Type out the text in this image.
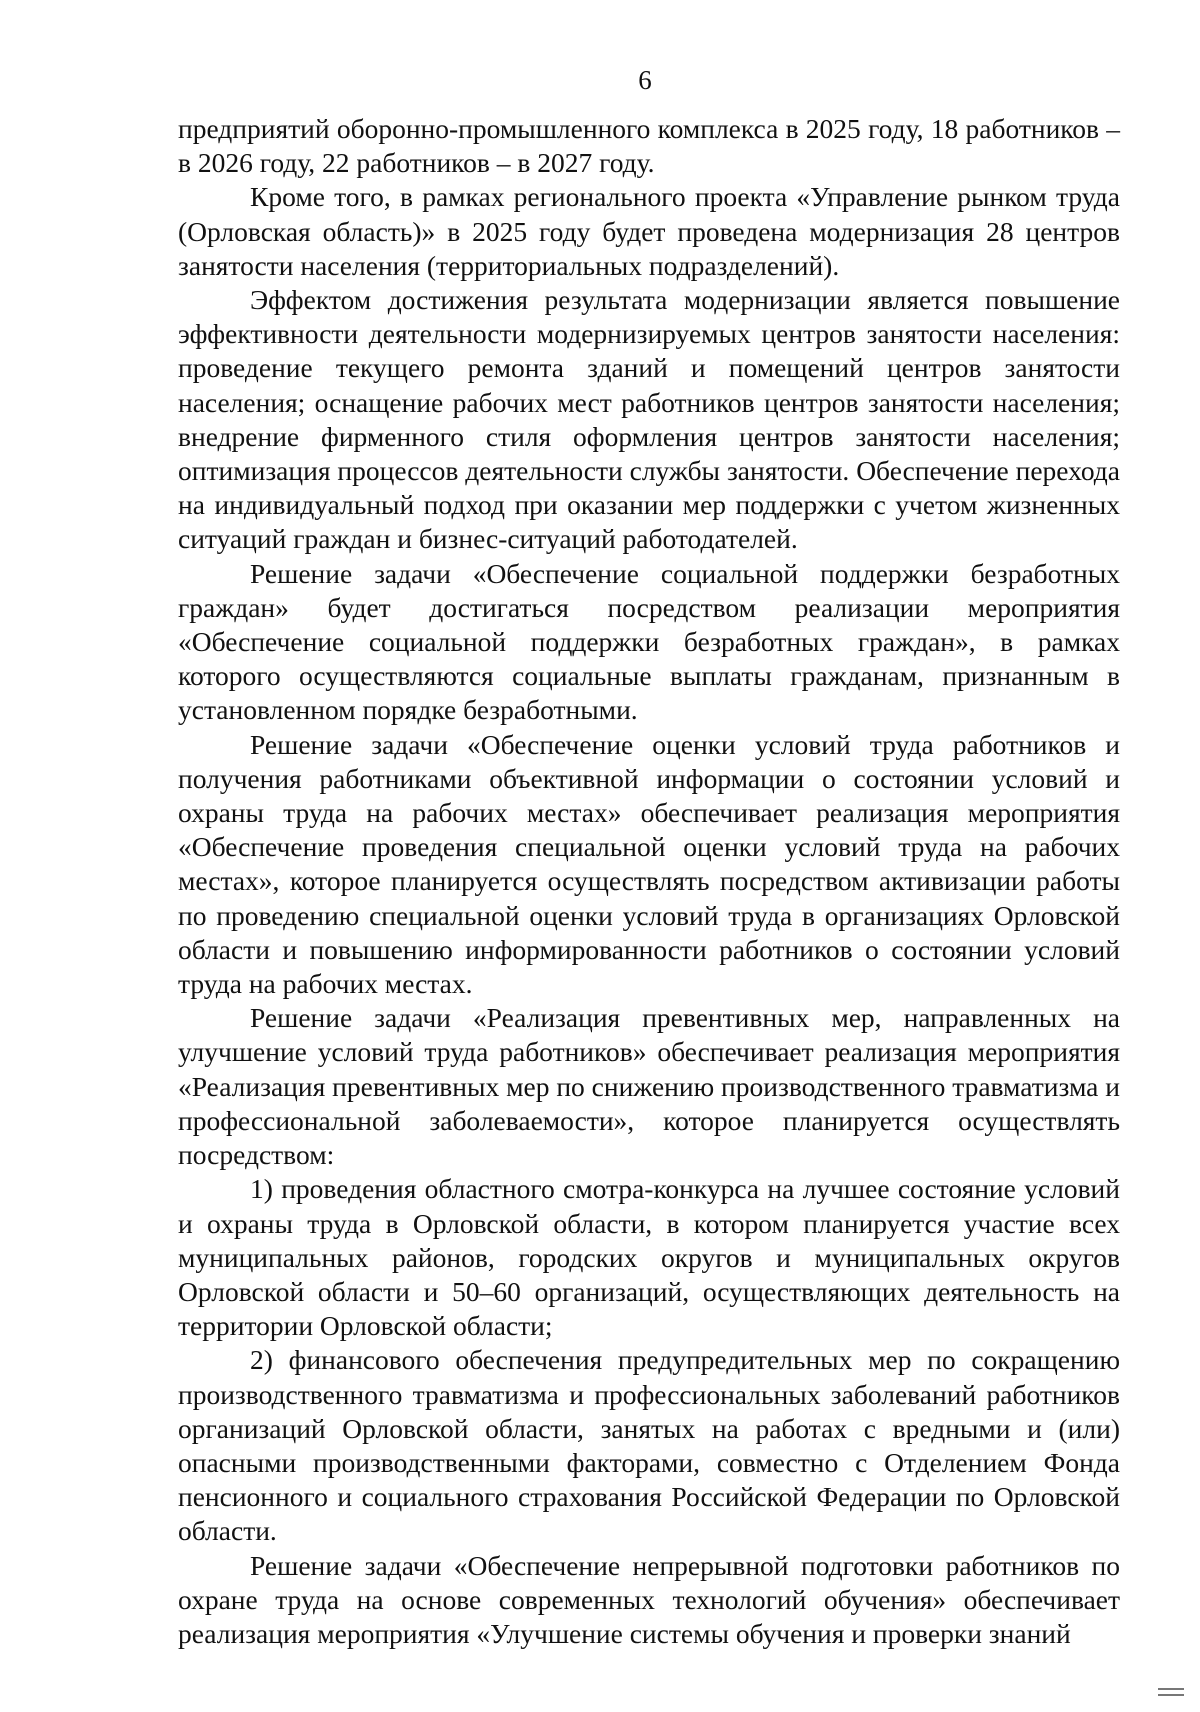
6

предприятий оборонно-промышленного комплекса в 2025 году, 18 работников – в 2026 году, 22 работников – в 2027 году.

Кроме того, в рамках регионального проекта «Управление рынком труда (Орловская область)» в 2025 году будет проведена модернизация 28 центров занятости населения (территориальных подразделений).

Эффектом достижения результата модернизации является повышение эффективности деятельности модернизируемых центров занятости населения: проведение текущего ремонта зданий и помещений центров занятости населения; оснащение рабочих мест работников центров занятости населения; внедрение фирменного стиля оформления центров занятости населения; оптимизация процессов деятельности службы занятости. Обеспечение перехода на индивидуальный подход при оказании мер поддержки с учетом жизненных ситуаций граждан и бизнес-ситуаций работодателей.

Решение задачи «Обеспечение социальной поддержки безработных граждан» будет достигаться посредством реализации мероприятия «Обеспечение социальной поддержки безработных граждан», в рамках которого осуществляются социальные выплаты гражданам, признанным в установленном порядке безработными.

Решение задачи «Обеспечение оценки условий труда работников и получения работниками объективной информации о состоянии условий и охраны труда на рабочих местах» обеспечивает реализация мероприятия «Обеспечение проведения специальной оценки условий труда на рабочих местах», которое планируется осуществлять посредством активизации работы по проведению специальной оценки условий труда в организациях Орловской области и повышению информированности работников о состоянии условий труда на рабочих местах.

Решение задачи «Реализация превентивных мер, направленных на улучшение условий труда работников» обеспечивает реализация мероприятия «Реализация превентивных мер по снижению производственного травматизма и профессиональной заболеваемости», которое планируется осуществлять посредством:

1) проведения областного смотра-конкурса на лучшее состояние условий и охраны труда в Орловской области, в котором планируется участие всех муниципальных районов, городских округов и муниципальных округов Орловской области и 50–60 организаций, осуществляющих деятельность на территории Орловской области;

2) финансового обеспечения предупредительных мер по сокращению производственного травматизма и профессиональных заболеваний работников организаций Орловской области, занятых на работах с вредными и (или) опасными производственными факторами, совместно с Отделением Фонда пенсионного и социального страхования Российской Федерации по Орловской области.

Решение задачи «Обеспечение непрерывной подготовки работников по охране труда на основе современных технологий обучения» обеспечивает реализация мероприятия «Улучшение системы обучения и проверки знаний
